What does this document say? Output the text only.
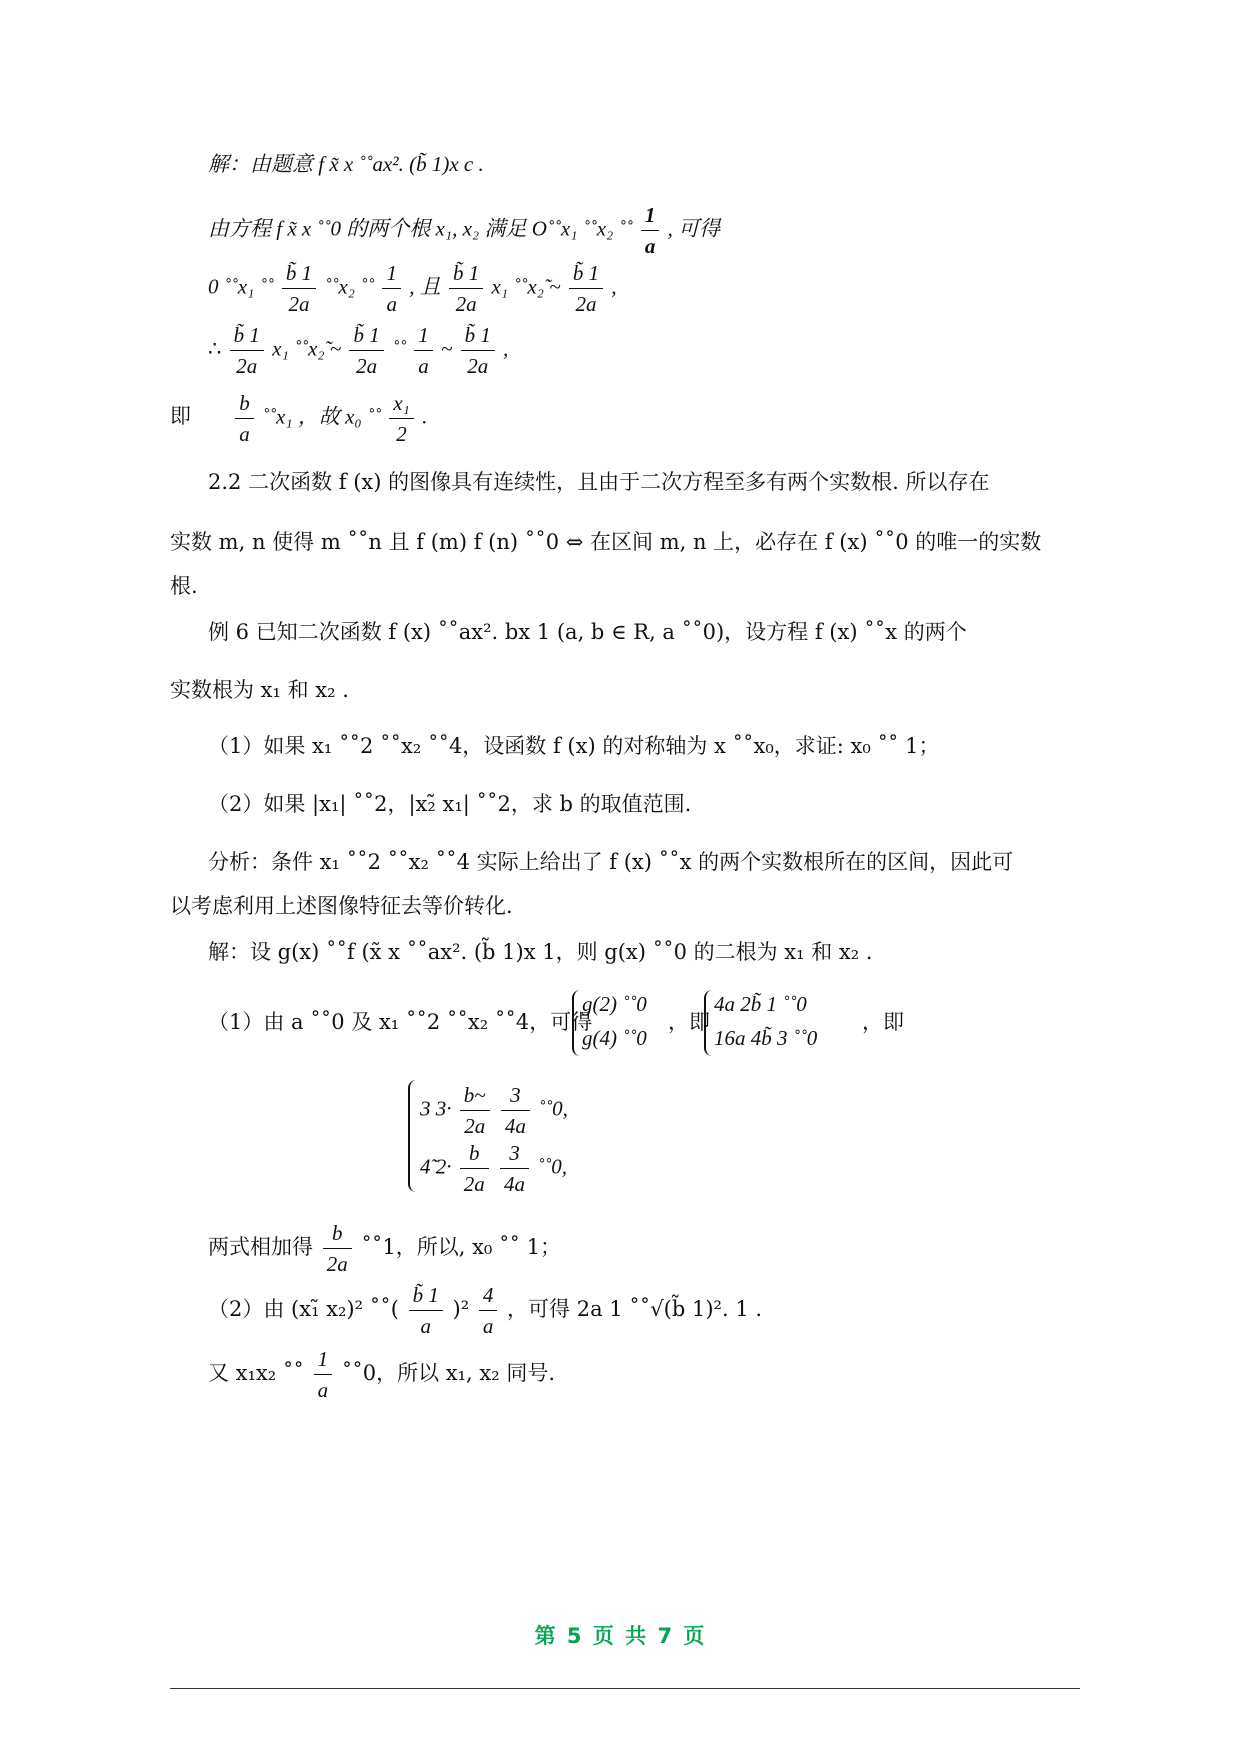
解：由题意 f x̃ x ˚˚ax². (b̃ 1)x c .
由方程 f x̃ x ˚˚0 的两个根 x₁, x₂ 满足 O˚˚x₁ ˚˚x₂ ˚˚ $\frac{1}{a}$ , 可得
0 ˚˚x₁ ˚˚ $\frac{b̃ 1}{2a}$ ˚˚x₂ ˚˚ $\frac{1}{a}$ , 且 $\frac{b̃ 1}{2a} x_1$ ˚˚x₂̃ ~ $\frac{b̃ 1}{2a}$ ,
∴ $\frac{b̃ 1}{2a} x_1$ ˚˚x₂̃ ~ $\frac{b̃ 1}{2a}$ ˚˚ $\frac{1}{a}$ ~ $\frac{b̃ 1}{2a}$ ,
即 $\frac{b}{a}$ ˚˚x₁ ，故 x₀ ˚˚ $\frac{\text{x₁}}{2}$ .
2.2 二次函数 f (x) 的图像具有连续性，且由于二次方程至多有两个实数根. 所以存在
实数 m, n 使得 m ˚˚n 且 f (m) f (n) ˚˚0 ⇔ 在区间 m, n 上，必存在 f (x) ˚˚0 的唯一的实数
根.
例 6 已知二次函数 f (x) ˚˚ax². bx 1 (a, b ∈ R, a ˚˚0)，设方程 f (x) ˚˚x 的两个
实数根为 x₁ 和 x₂ .
（1）如果 x₁ ˚˚2 ˚˚x₂ ˚˚4，设函数 f (x) 的对称轴为 x ˚˚x₀，求证: x₀ ˚˚ 1；
（2）如果 |x₁| ˚˚2，|x₂̃ x₁| ˚˚2，求 b 的取值范围.
分析：条件 x₁ ˚˚2 ˚˚x₂ ˚˚4 实际上给出了 f (x) ˚˚x 的两个实数根所在的区间，因此可
以考虑利用上述图像特征去等价转化.
解：设 g(x) ˚˚f (x̃ x ˚˚ax². (b̃ 1)x 1，则 g(x) ˚˚0 的二根为 x₁ 和 x₂ .
（1）由 a ˚˚0 及 x₁ ˚˚2 ˚˚x₂ ˚˚4，可得
g(2) ˚˚0
g(4) ˚˚0
，即
4a 2b̃ 1 ˚˚0
16a 4b̃ 3 ˚˚0
，即
3 $3\cdot \frac{b\sim}{2a}$
$\frac{3}{4a}$ ˚˚0,
4̃ $2\cdot \frac{b}{2a}$
$\frac{3}{4a}$ ˚˚0,
两式相加得 $\frac{b}{2a}$ ˚˚1，所以, x₀ ˚˚ 1；
（2）由 (x₁̃ x₂)² ˚˚( $\frac{b̃ 1}{a} )^2 \frac{4}{a}$ ，可得 2a 1 ˚˚√(b̃ 1)². 1 .
又 x₁x₂ ˚˚ $\frac{1}{a}$ ˚˚0，所以 x₁, x₂ 同号.
第 5 页 共 7 页
